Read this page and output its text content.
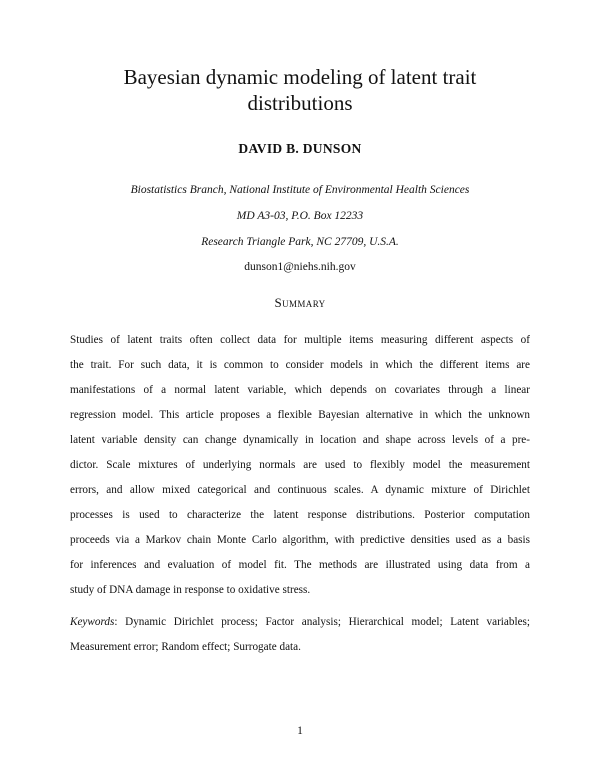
Bayesian dynamic modeling of latent trait
distributions
DAVID B. DUNSON
Biostatistics Branch, National Institute of Environmental Health Sciences
MD A3-03, P.O. Box 12233
Research Triangle Park, NC 27709, U.S.A.
dunson1@niehs.nih.gov
Summary
Studies of latent traits often collect data for multiple items measuring different aspects of
the trait. For such data, it is common to consider models in which the different items are
manifestations of a normal latent variable, which depends on covariates through a linear
regression model. This article proposes a flexible Bayesian alternative in which the unknown
latent variable density can change dynamically in location and shape across levels of a pre-
dictor. Scale mixtures of underlying normals are used to flexibly model the measurement
errors, and allow mixed categorical and continuous scales. A dynamic mixture of Dirichlet
processes is used to characterize the latent response distributions. Posterior computation
proceeds via a Markov chain Monte Carlo algorithm, with predictive densities used as a basis
for inferences and evaluation of model fit. The methods are illustrated using data from a
study of DNA damage in response to oxidative stress.
Keywords: Dynamic Dirichlet process; Factor analysis; Hierarchical model; Latent variables;
Measurement error; Random effect; Surrogate data.
1
